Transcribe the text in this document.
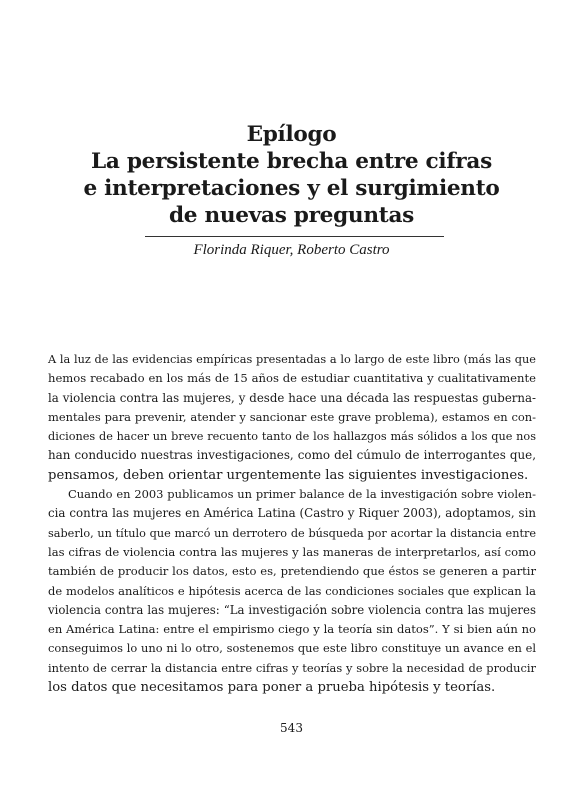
Epílogo
La persistente brecha entre cifras
e interpretaciones y el surgimiento
de nuevas preguntas
Florinda Riquer, Roberto Castro
A la luz de las evidencias empíricas presentadas a lo largo de este libro (más las que
hemos recabado en los más de 15 años de estudiar cuantitativa y cualitativamente
la violencia contra las mujeres, y desde hace una década las respuestas guberna-
mentales para prevenir, atender y sancionar este grave problema), estamos en con-
diciones de hacer un breve recuento tanto de los hallazgos más sólidos a los que nos
han conducido nuestras investigaciones, como del cúmulo de interrogantes que,
pensamos, deben orientar urgentemente las siguientes investigaciones.
Cuando en 2003 publicamos un primer balance de la investigación sobre violen-
cia contra las mujeres en América Latina (Castro y Riquer 2003), adoptamos, sin
saberlo, un título que marcó un derrotero de búsqueda por acortar la distancia entre
las cifras de violencia contra las mujeres y las maneras de interpretarlos, así como
también de producir los datos, esto es, pretendiendo que éstos se generen a partir
de modelos analíticos e hipótesis acerca de las condiciones sociales que explican la
violencia contra las mujeres: “La investigación sobre violencia contra las mujeres
en América Latina: entre el empirismo ciego y la teoría sin datos”. Y si bien aún no
conseguimos lo uno ni lo otro, sostenemos que este libro constituye un avance en el
intento de cerrar la distancia entre cifras y teorías y sobre la necesidad de producir
los datos que necesitamos para poner a prueba hipótesis y teorías.
543
